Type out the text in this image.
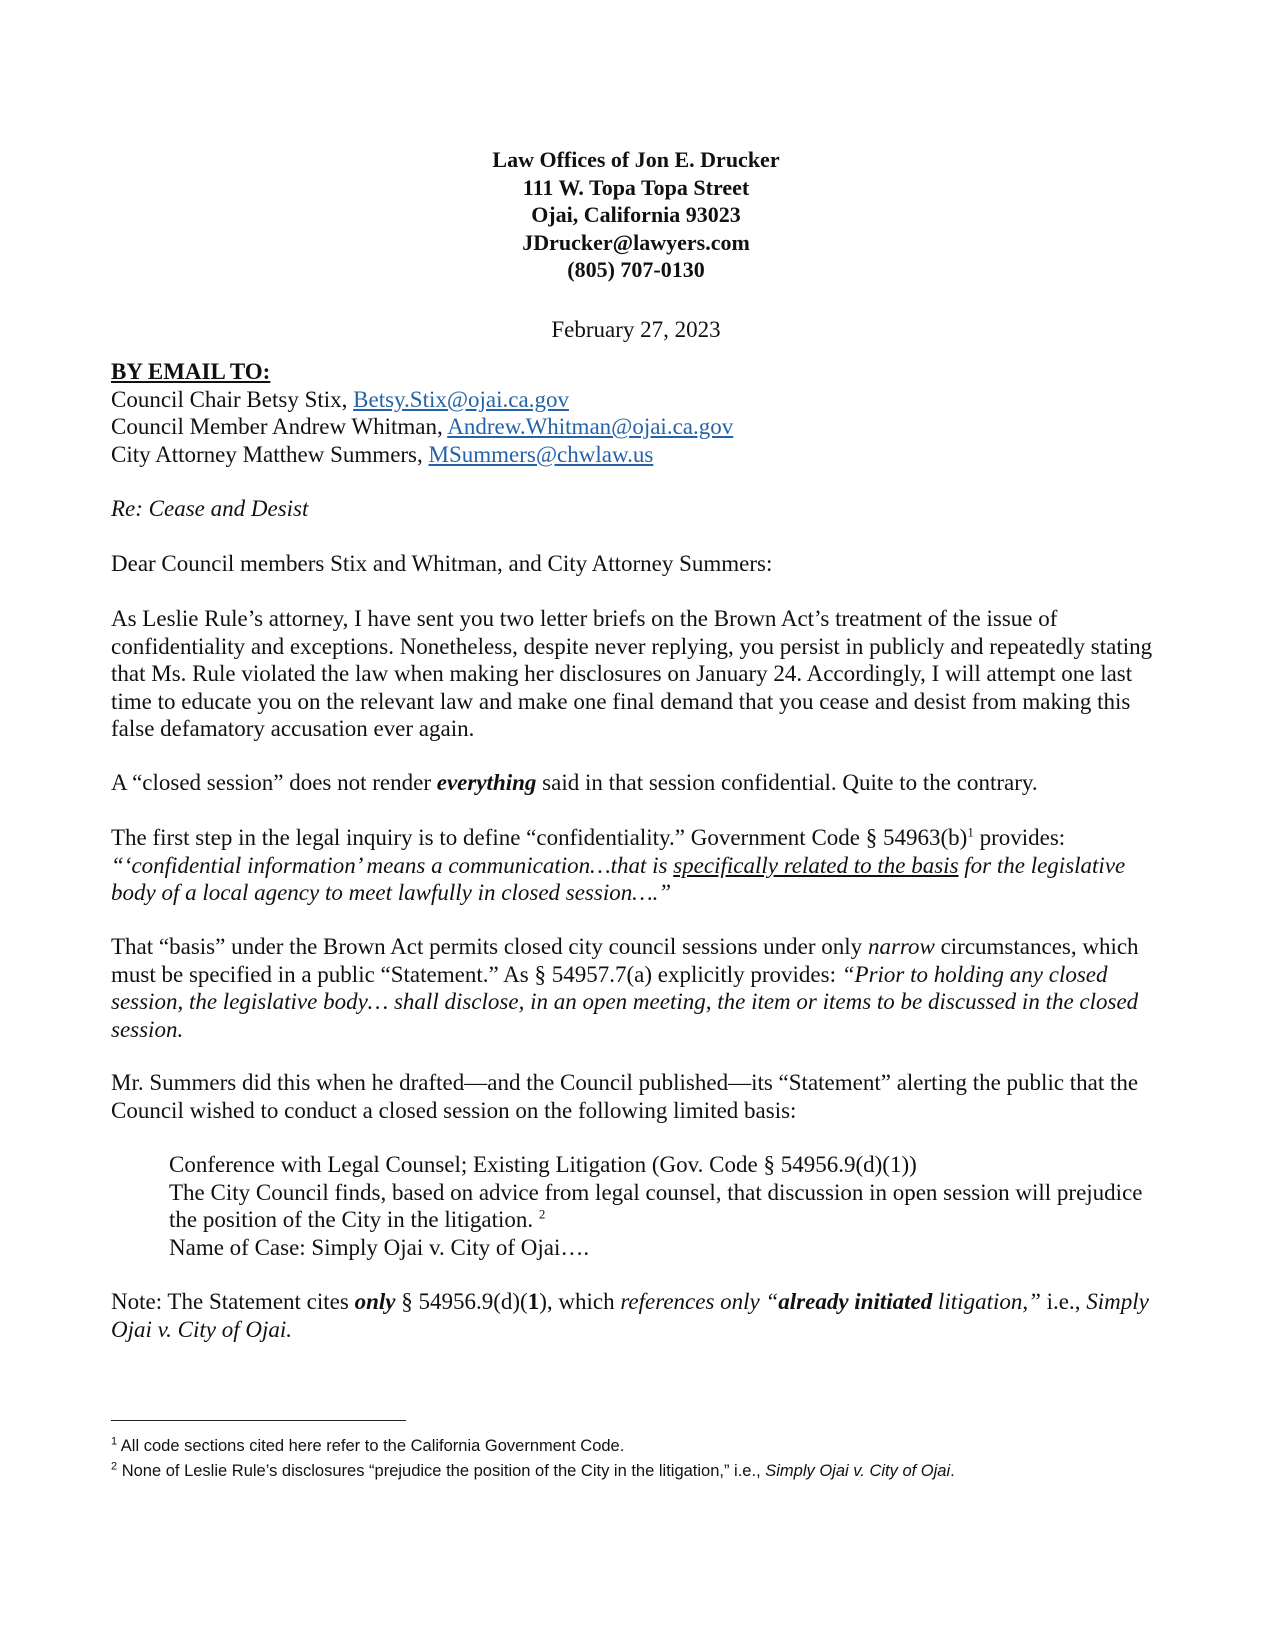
Law Offices of Jon E. Drucker
111 W. Topa Topa Street
Ojai, California 93023
JDrucker@lawyers.com
(805) 707-0130
February 27, 2023
BY EMAIL TO:
Council Chair Betsy Stix, Betsy.Stix@ojai.ca.gov
Council Member Andrew Whitman, Andrew.Whitman@ojai.ca.gov
City Attorney Matthew Summers, MSummers@chwlaw.us
Re: Cease and Desist
Dear Council members Stix and Whitman, and City Attorney Summers:
As Leslie Rule’s attorney, I have sent you two letter briefs on the Brown Act’s treatment of the issue of confidentiality and exceptions. Nonetheless, despite never replying, you persist in publicly and repeatedly stating that Ms. Rule violated the law when making her disclosures on January 24. Accordingly, I will attempt one last time to educate you on the relevant law and make one final demand that you cease and desist from making this false defamatory accusation ever again.
A “closed session” does not render everything said in that session confidential. Quite to the contrary.
The first step in the legal inquiry is to define “confidentiality.” Government Code § $54963(b)^1$ provides: “‘confidential information’ means a communication…that is specifically related to the basis for the legislative body of a local agency to meet lawfully in closed session….”
That “basis” under the Brown Act permits closed city council sessions under only narrow circumstances, which must be specified in a public “Statement.” As § 54957.7(a) explicitly provides: “Prior to holding any closed session, the legislative body… shall disclose, in an open meeting, the item or items to be discussed in the closed session.
Mr. Summers did this when he drafted—and the Council published—its “Statement” alerting the public that the Council wished to conduct a closed session on the following limited basis:
Conference with Legal Counsel; Existing Litigation (Gov. Code § 54956.9(d)(1))
The City Council finds, based on advice from legal counsel, that discussion in open session will prejudice the position of the City in the litigation. $^2$
Name of Case: Simply Ojai v. City of Ojai….
Note: The Statement cites only § 54956.9(d)(1), which references only “already initiated litigation,” i.e., Simply Ojai v. City of Ojai.
$^1$ All code sections cited here refer to the California Government Code.
$^2$ None of Leslie Rule’s disclosures “prejudice the position of the City in the litigation,” i.e., Simply Ojai v. City of Ojai.
